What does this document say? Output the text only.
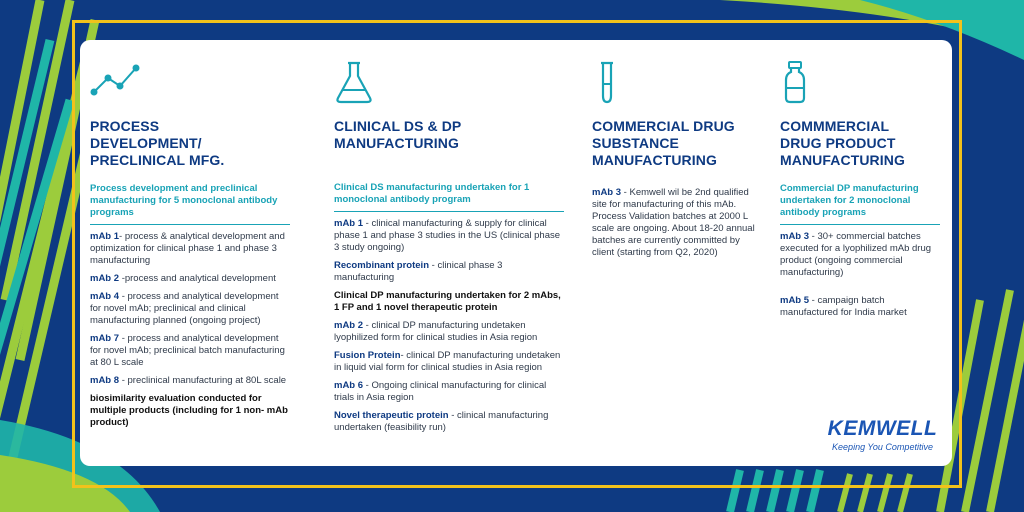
PROCESS
DEVELOPMENT/
PRECLINICAL MFG.
Process development and preclinical manufacturing for 5 monoclonal antibody programs
mAb 1- process & analytical development and optimization for clinical phase 1 and phase 3 manufacturing
mAb 2 -process and analytical development
mAb 4 - process and analytical development for novel mAb; preclinical and clinical manufacturing planned (ongoing project)
mAb 7 - process and analytical development for novel mAb; preclinical batch manufacturing at 80 L scale
mAb 8 - preclinical manufacturing at 80L scale
biosimilarity evaluation conducted for multiple products (including for 1 non- mAb product)
CLINICAL DS & DP
MANUFACTURING
Clinical DS manufacturing undertaken for 1 monoclonal antibody program
mAb 1 - clinical manufacturing & supply for clinical phase 1 and phase 3 studies in the US (clinical phase 3 study ongoing)
Recombinant protein - clinical phase 3 manufacturing
Clinical DP manufacturing undertaken for 2 mAbs, 1 FP and 1 novel therapeutic protein
mAb 2 - clinical DP manufacturing undetaken lyophilized form for clinical studies in Asia region
Fusion Protein- clinical DP manufacturing undetaken in liquid vial form for clinical studies in Asia region
mAb 6 - Ongoing clinical manufacturing for clinical trials in Asia region
Novel therapeutic protein - clinical manufacturing undertaken (feasibility run)
COMMERCIAL DRUG
SUBSTANCE
MANUFACTURING
mAb 3 - Kemwell wil be 2nd qualified site for manufacturing of this mAb. Process Validation batches at 2000 L scale are ongoing. About 18-20 annual batches are currently committed by client (starting from Q2, 2020)
COMMMERCIAL
DRUG PRODUCT
MANUFACTURING
Commercial DP manufacturing undertaken for 2 monoclonal antibody programs
mAb 3 - 30+ commercial batches executed for a lyophilized mAb drug product (ongoing commercial manufacturing)
mAb 5 - campaign batch manufactured for India market
KEMWELL
Keeping You Competitive
